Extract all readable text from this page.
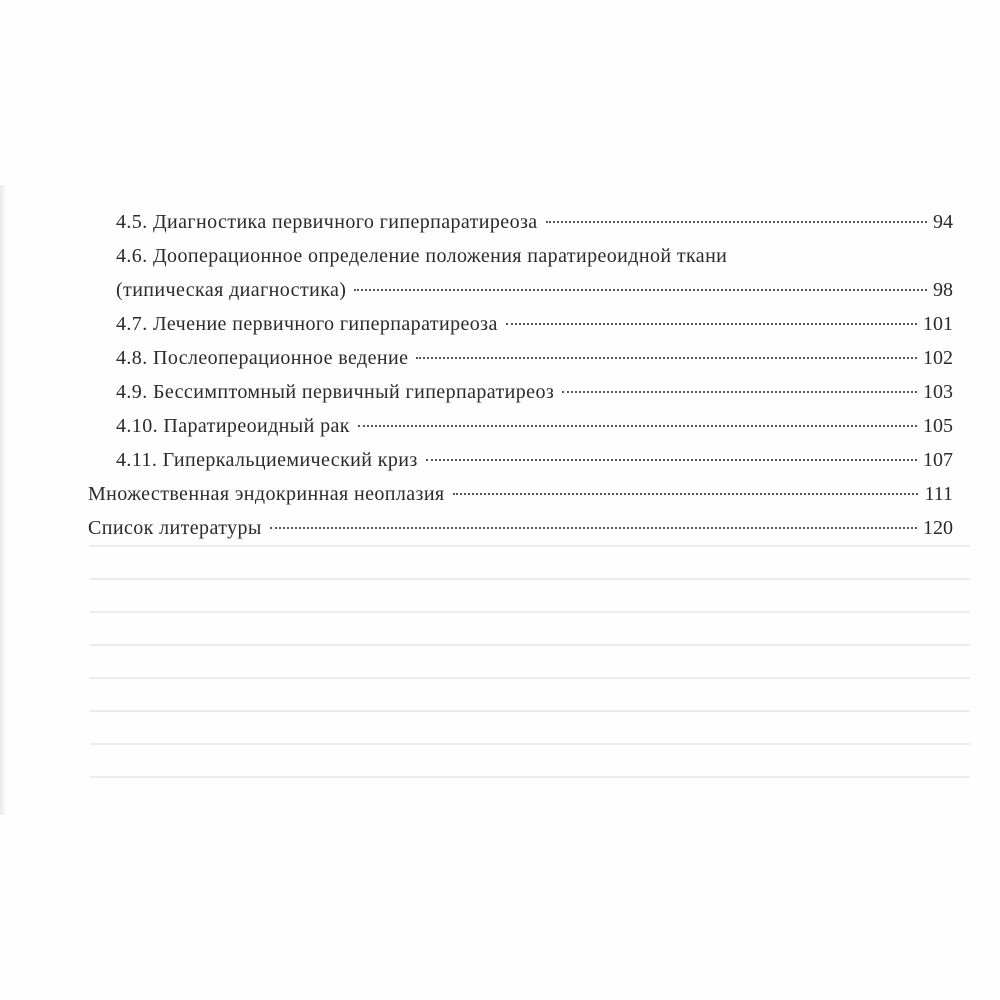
4.5. Диагностика первичного гиперпаратиреоза	94
4.6. Дооперационное определение положения паратиреоидной ткани
(типическая диагностика)	98
4.7. Лечение первичного гиперпаратиреоза	101
4.8. Послеоперационное ведение	102
4.9. Бессимптомный первичный гиперпаратиреоз	103
4.10. Паратиреоидный рак	105
4.11. Гиперкальциемический криз	107
Множественная эндокринная неоплазия	111
Список литературы	120
